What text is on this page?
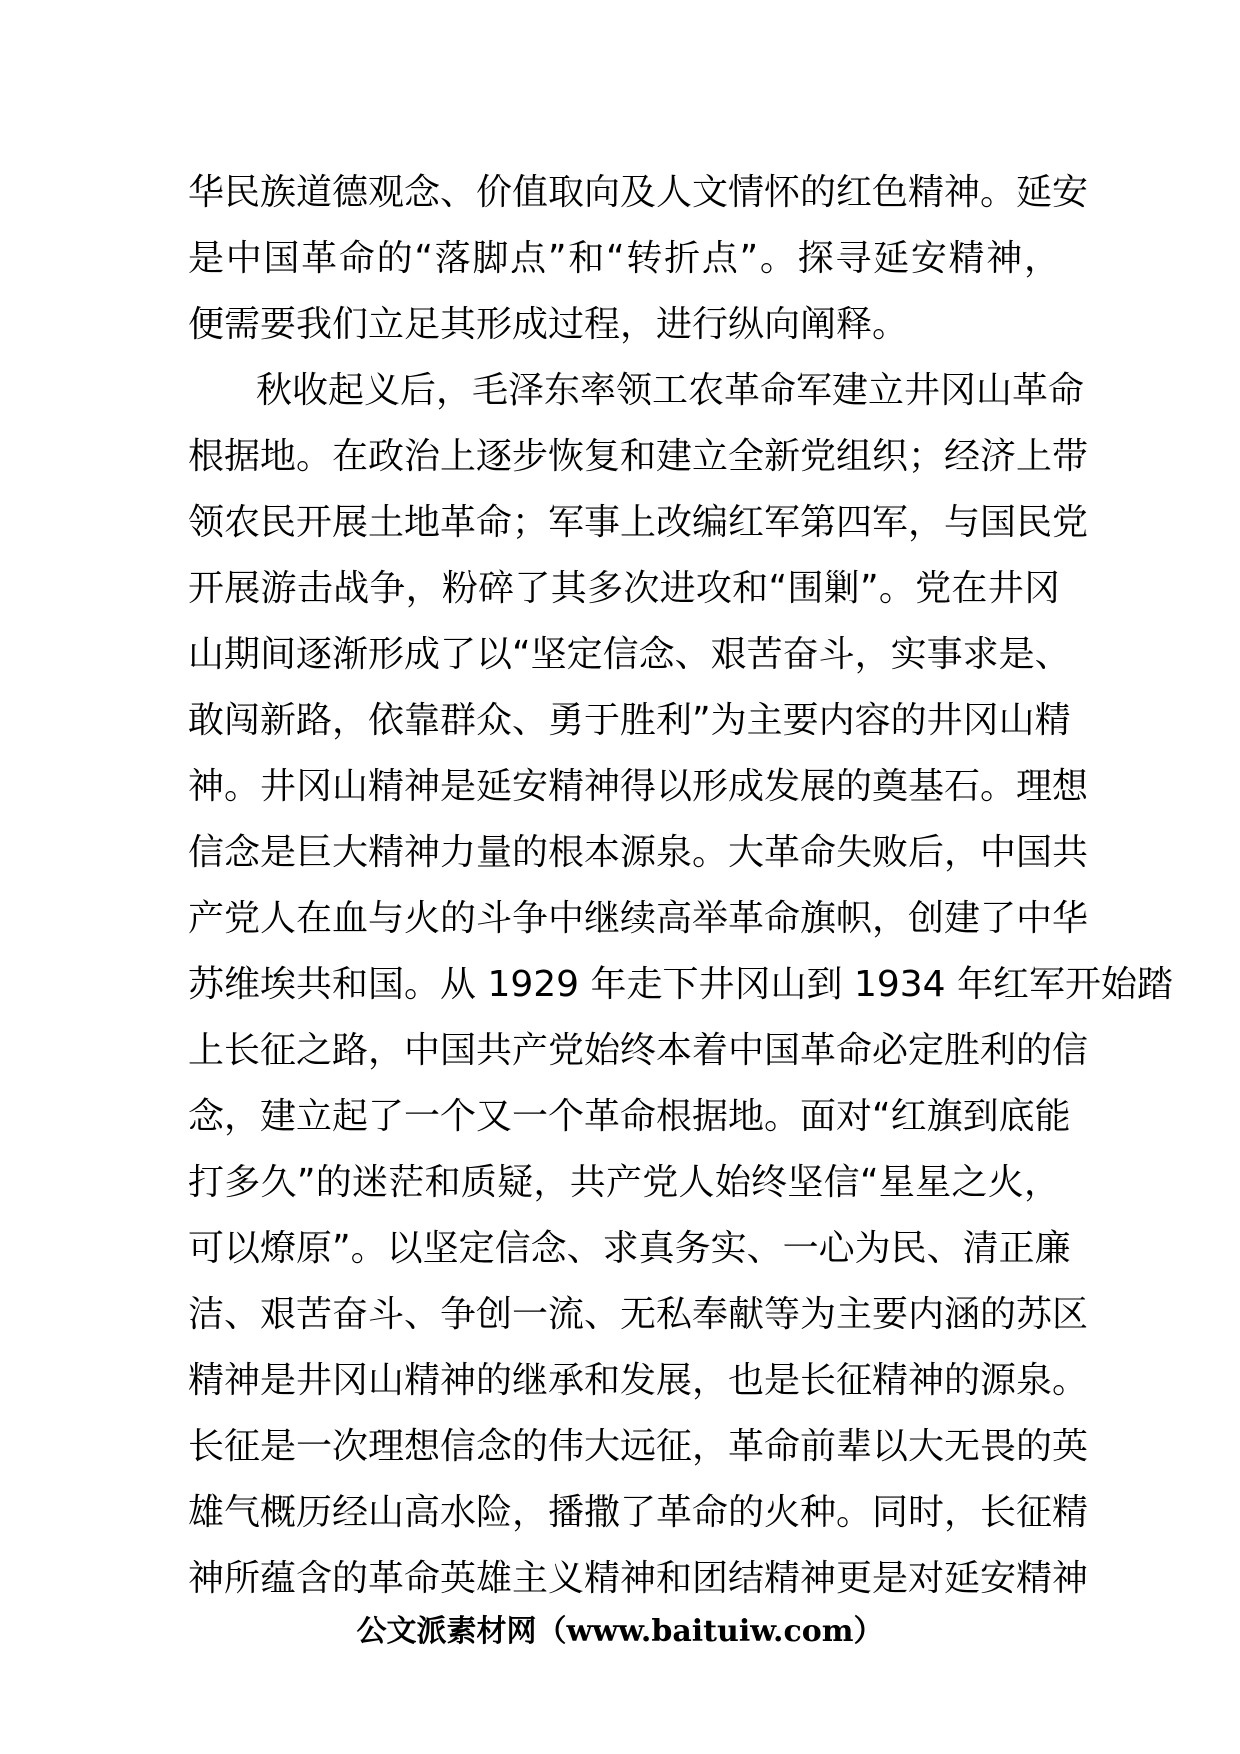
华民族道德观念、价值取向及人文情怀的红色精神。延安
是中国革命的“落脚点”和“转折点”。探寻延安精神，
便需要我们立足其形成过程，进行纵向阐释。
秋收起义后，毛泽东率领工农革命军建立井冈山革命
根据地。在政治上逐步恢复和建立全新党组织；经济上带
领农民开展土地革命；军事上改编红军第四军，与国民党
开展游击战争，粉碎了其多次进攻和“围剿”。党在井冈
山期间逐渐形成了以“坚定信念、艰苦奋斗，实事求是、
敢闯新路，依靠群众、勇于胜利”为主要内容的井冈山精
神。井冈山精神是延安精神得以形成发展的奠基石。理想
信念是巨大精神力量的根本源泉。大革命失败后，中国共
产党人在血与火的斗争中继续高举革命旗帜，创建了中华
苏维埃共和国。从 1929 年走下井冈山到 1934 年红军开始踏
上长征之路，中国共产党始终本着中国革命必定胜利的信
念，建立起了一个又一个革命根据地。面对“红旗到底能
打多久”的迷茫和质疑，共产党人始终坚信“星星之火，
可以燎原”。以坚定信念、求真务实、一心为民、清正廉
洁、艰苦奋斗、争创一流、无私奉献等为主要内涵的苏区
精神是井冈山精神的继承和发展，也是长征精神的源泉。
长征是一次理想信念的伟大远征，革命前辈以大无畏的英
雄气概历经山高水险，播撒了革命的火种。同时，长征精
神所蕴含的革命英雄主义精神和团结精神更是对延安精神
公文派素材网（www.baituiw.com）
